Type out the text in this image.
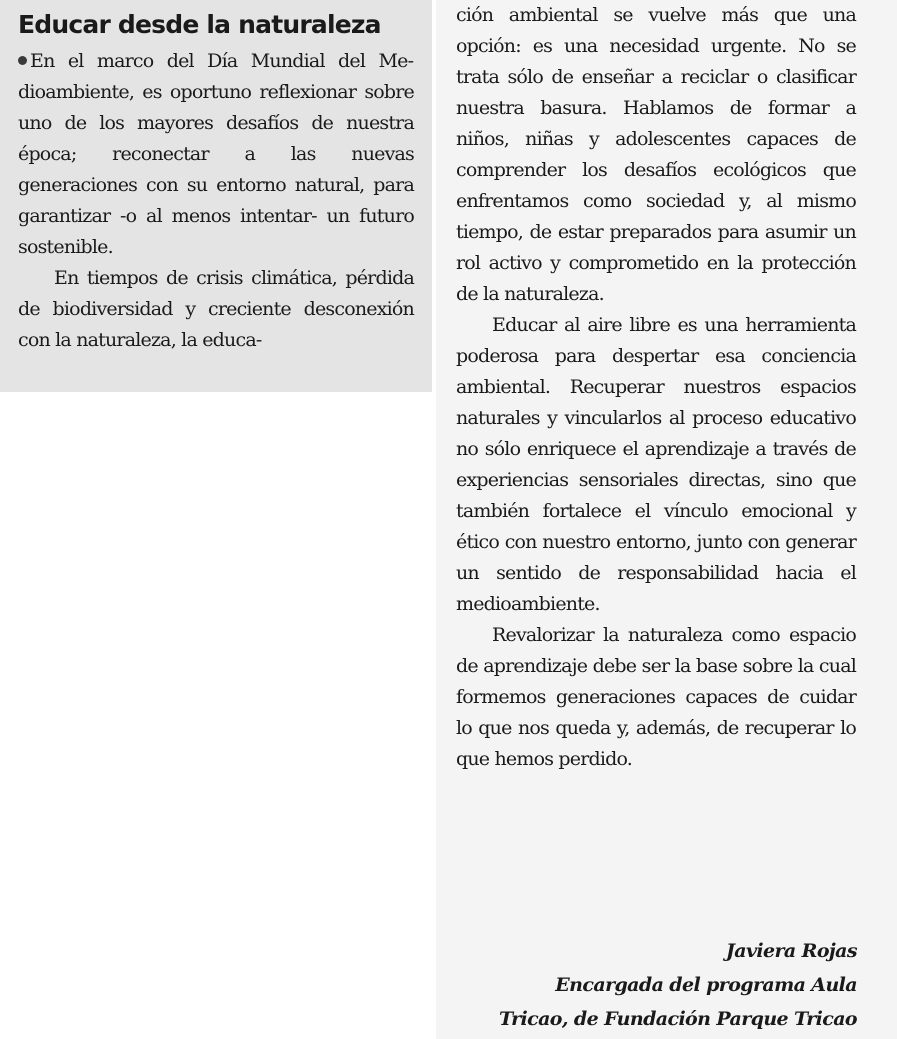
Educar desde la naturaleza

En el marco del Día Mundial del Medioambiente, es oportuno reflexionar sobre uno de los mayores desafíos de nuestra época; reconectar a las nuevas generaciones con su entorno natural, para garantizar -o al menos intentar- un futuro sostenible.

En tiempos de crisis climática, pérdida de biodiversidad y creciente desconexión con la naturaleza, la educa-

ción ambiental se vuelve más que una opción: es una necesidad urgente. No se trata sólo de enseñar a reciclar o clasificar nuestra basura. Hablamos de formar a niños, niñas y adolescentes capaces de comprender los desafíos ecológicos que enfrentamos como sociedad y, al mismo tiempo, de estar preparados para asumir un rol activo y comprometido en la protección de la naturaleza.

Educar al aire libre es una herramienta poderosa para despertar esa conciencia ambiental. Recuperar nuestros espacios naturales y vincularlos al proceso educativo no sólo enriquece el aprendizaje a través de experiencias sensoriales directas, sino que también fortalece el vínculo emocional y ético con nuestro entorno, junto con generar un sentido de responsabilidad hacia el medioambiente.

Revalorizar la naturaleza como espacio de aprendizaje debe ser la base sobre la cual formemos generaciones capaces de cuidar lo que nos queda y, además, de recuperar lo que hemos perdido.

Javiera Rojas
Encargada del programa Aula
Tricao, de Fundación Parque Tricao
